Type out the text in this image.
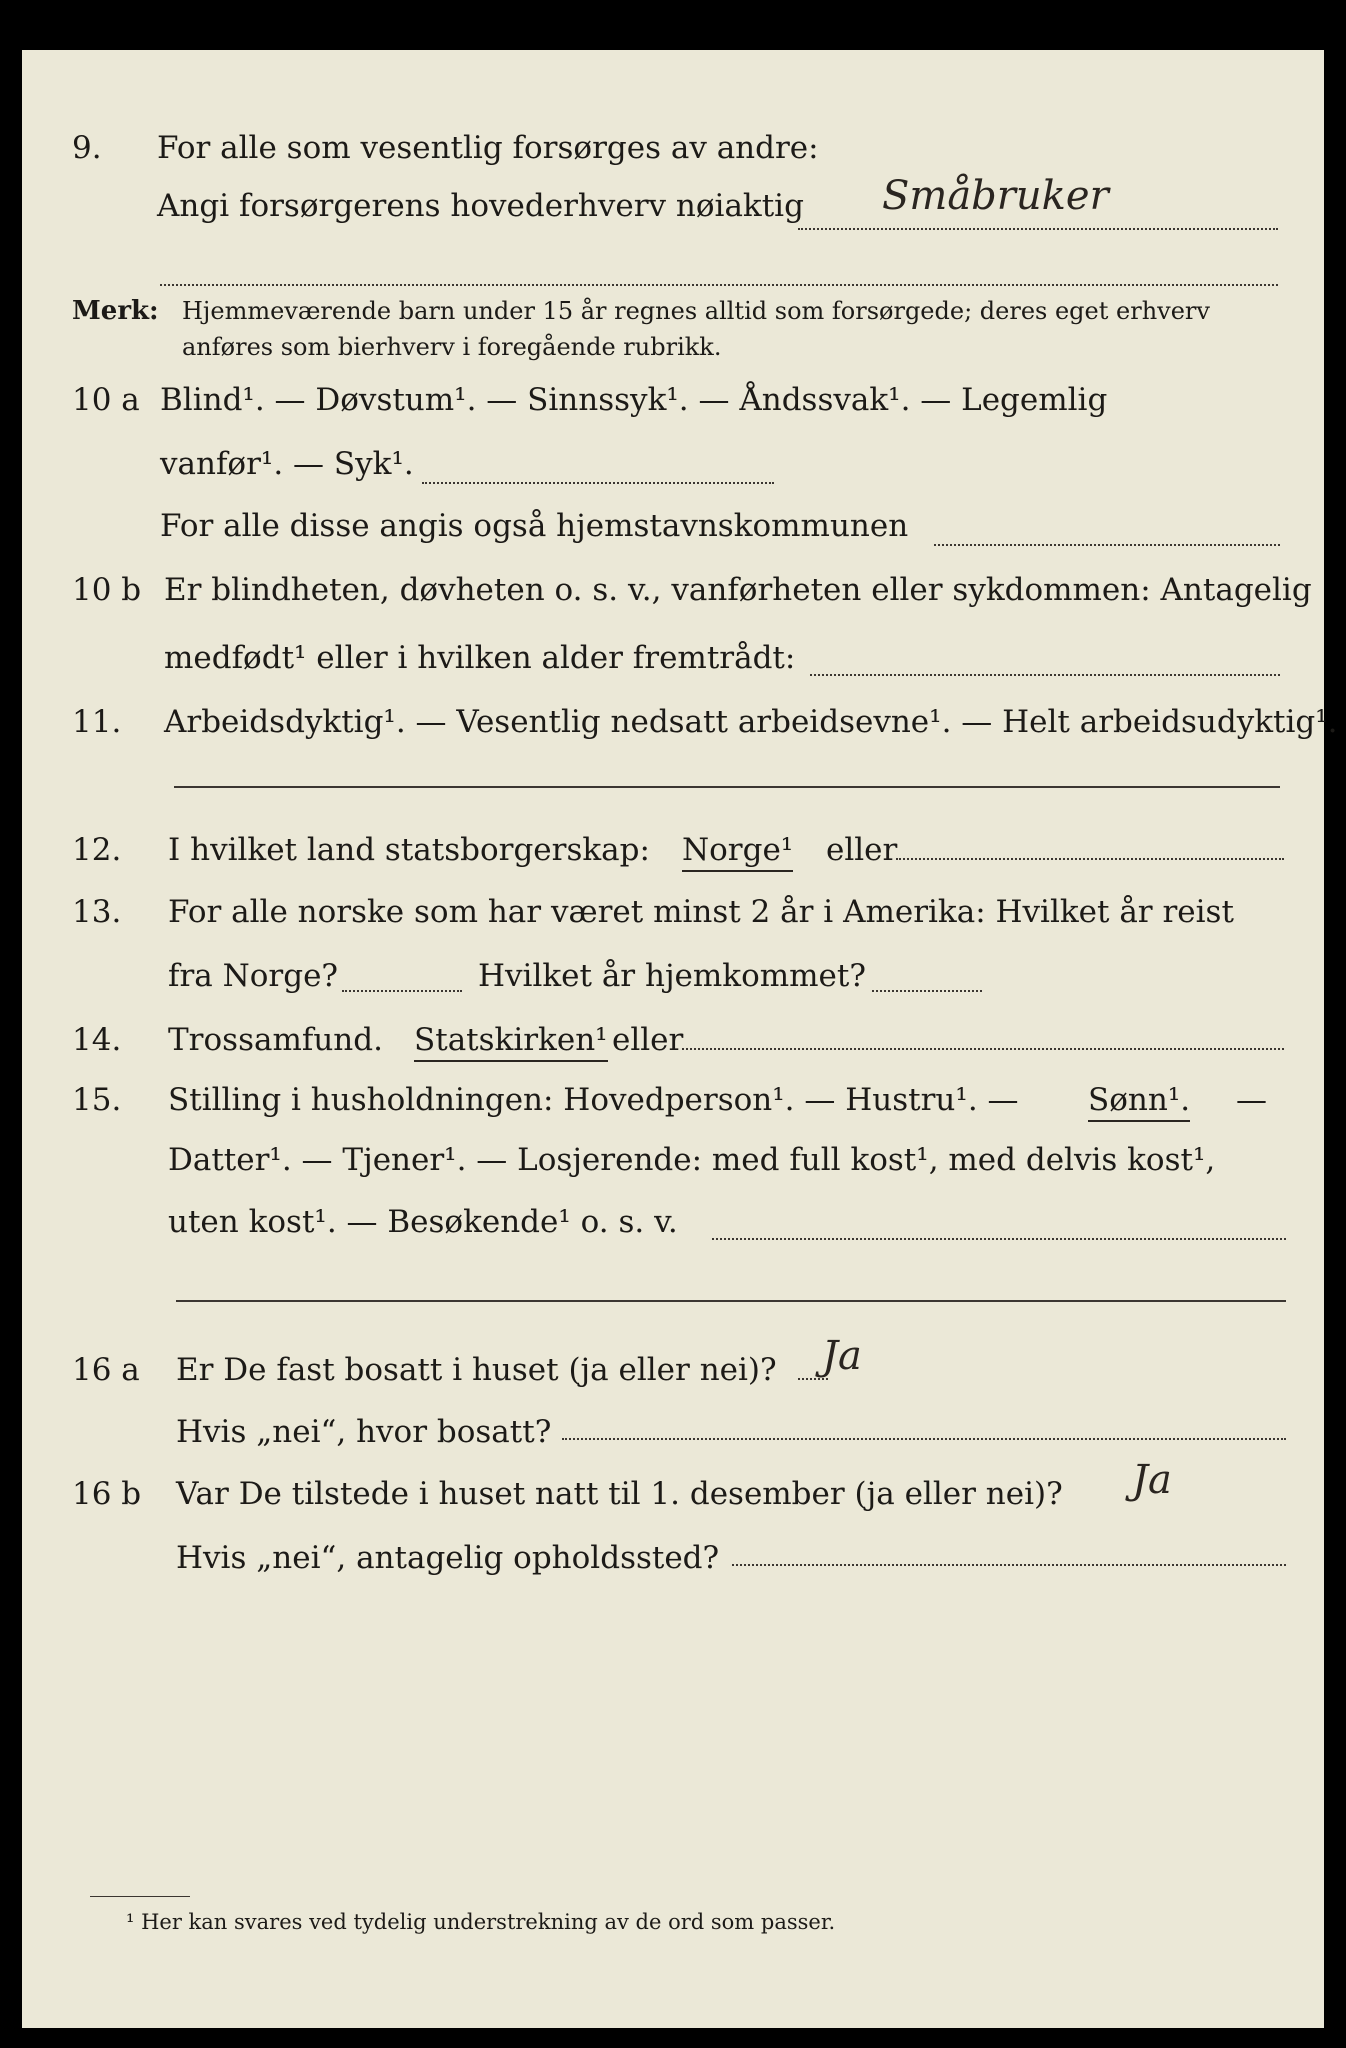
9. For alle som vesentlig forsørges av andre:
Angi forsørgerens hovederhverv nøiaktig Småbruker
Merk: Hjemmeværende barn under 15 år regnes alltid som forsørgede; deres eget erhverv
anføres som bierhverv i foregående rubrikk.
10 a Blind¹. — Døvstum¹. — Sinnssyk¹. — Åndssvak¹. — Legemlig
vanfør¹. — Syk¹.
For alle disse angis også hjemstavnskommunen
10 b Er blindheten, døvheten o. s. v., vanførheten eller sykdommen: Antagelig
medfødt¹ eller i hvilken alder fremtrådt:
11. Arbeidsdyktig¹. — Vesentlig nedsatt arbeidsevne¹. — Helt arbeidsudyktig¹.
12. I hvilket land statsborgerskap: Norge¹ eller
13. For alle norske som har været minst 2 år i Amerika: Hvilket år reist
fra Norge?	Hvilket år hjemkommet?
14. Trossamfund. Statskirken¹ eller
15. Stilling i husholdningen: Hovedperson¹. — Hustru¹. — Sønn¹. —
Datter¹. — Tjener¹. — Losjerende: med full kost¹, med delvis kost¹,
uten kost¹. — Besøkende¹ o. s. v.
16 a Er De fast bosatt i huset (ja eller nei)? Ja
Hvis „nei“, hvor bosatt?
16 b Var De tilstede i huset natt til 1. desember (ja eller nei)? Ja
Hvis „nei“, antagelig opholdssted?
¹ Her kan svares ved tydelig understrekning av de ord som passer.
